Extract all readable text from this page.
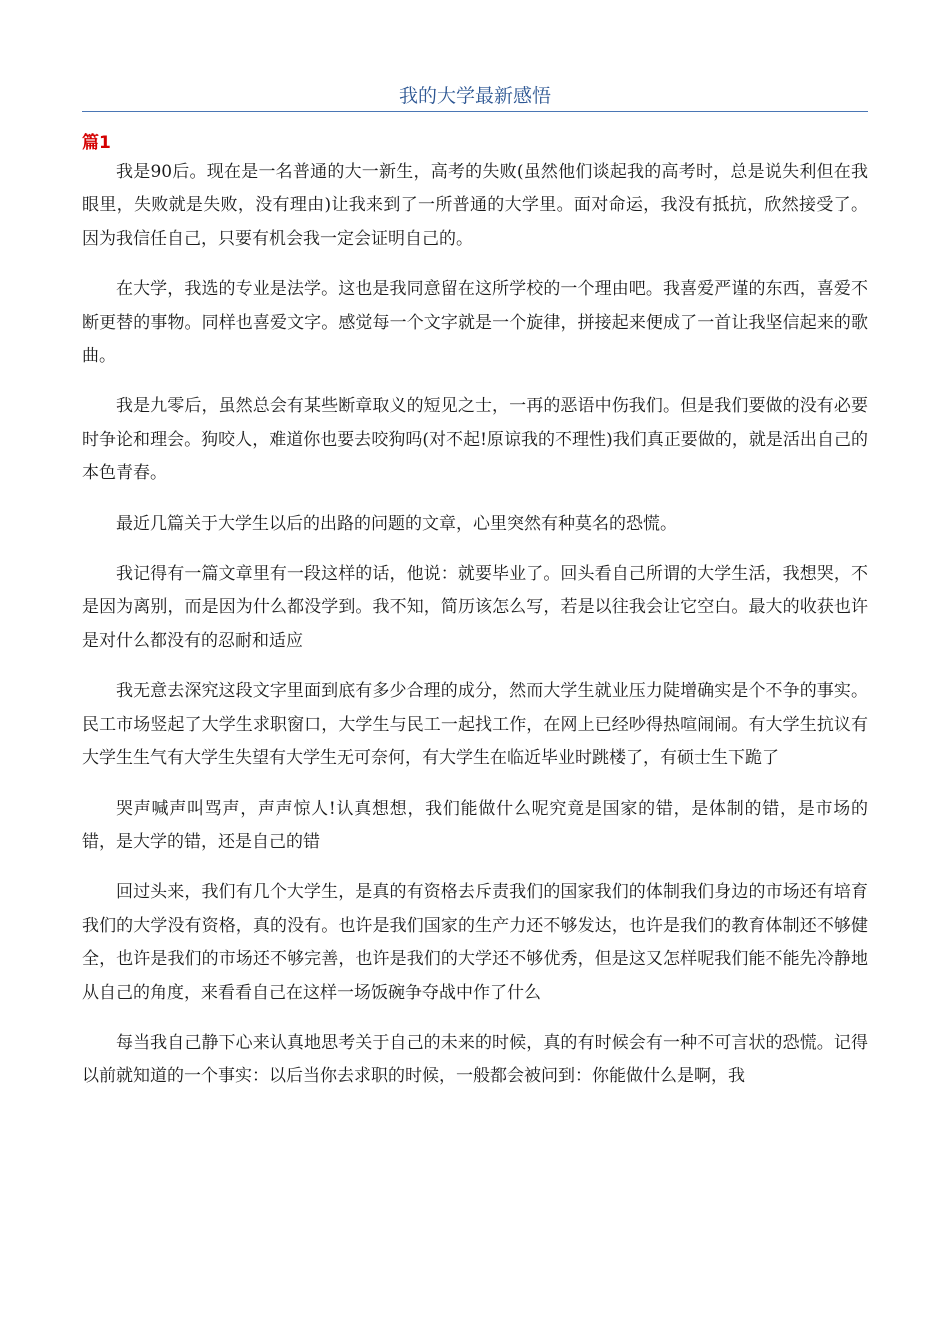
我的大学最新感悟
篇1

我是90后。现在是一名普通的大一新生，高考的失败(虽然他们谈起我的高考时，总是说失利但在我眼里，失败就是失败，没有理由)让我来到了一所普通的大学里。面对命运，我没有抵抗，欣然接受了。因为我信任自己，只要有机会我一定会证明自己的。

在大学，我选的专业是法学。这也是我同意留在这所学校的一个理由吧。我喜爱严谨的东西，喜爱不断更替的事物。同样也喜爱文字。感觉每一个文字就是一个旋律，拼接起来便成了一首让我坚信起来的歌曲。

我是九零后，虽然总会有某些断章取义的短见之士，一再的恶语中伤我们。但是我们要做的没有必要时争论和理会。狗咬人，难道你也要去咬狗吗(对不起!原谅我的不理性)我们真正要做的，就是活出自己的本色青春。

最近几篇关于大学生以后的出路的问题的文章，心里突然有种莫名的恐慌。

我记得有一篇文章里有一段这样的话，他说：就要毕业了。回头看自己所谓的大学生活，我想哭，不是因为离别，而是因为什么都没学到。我不知，简历该怎么写，若是以往我会让它空白。最大的收获也许是对什么都没有的忍耐和适应

我无意去深究这段文字里面到底有多少合理的成分，然而大学生就业压力陡增确实是个不争的事实。民工市场竖起了大学生求职窗口，大学生与民工一起找工作，在网上已经吵得热喧闹闹。有大学生抗议有大学生生气有大学生失望有大学生无可奈何，有大学生在临近毕业时跳楼了，有硕士生下跪了

哭声喊声叫骂声，声声惊人!认真想想，我们能做什么呢究竟是国家的错，是体制的错，是市场的错，是大学的错，还是自己的错

回过头来，我们有几个大学生，是真的有资格去斥责我们的国家我们的体制我们身边的市场还有培育我们的大学没有资格，真的没有。也许是我们国家的生产力还不够发达，也许是我们的教育体制还不够健全，也许是我们的市场还不够完善，也许是我们的大学还不够优秀，但是这又怎样呢我们能不能先冷静地从自己的角度，来看看自己在这样一场饭碗争夺战中作了什么

每当我自己静下心来认真地思考关于自己的未来的时候，真的有时候会有一种不可言状的恐慌。记得以前就知道的一个事实：以后当你去求职的时候，一般都会被问到：你能做什么是啊，我
